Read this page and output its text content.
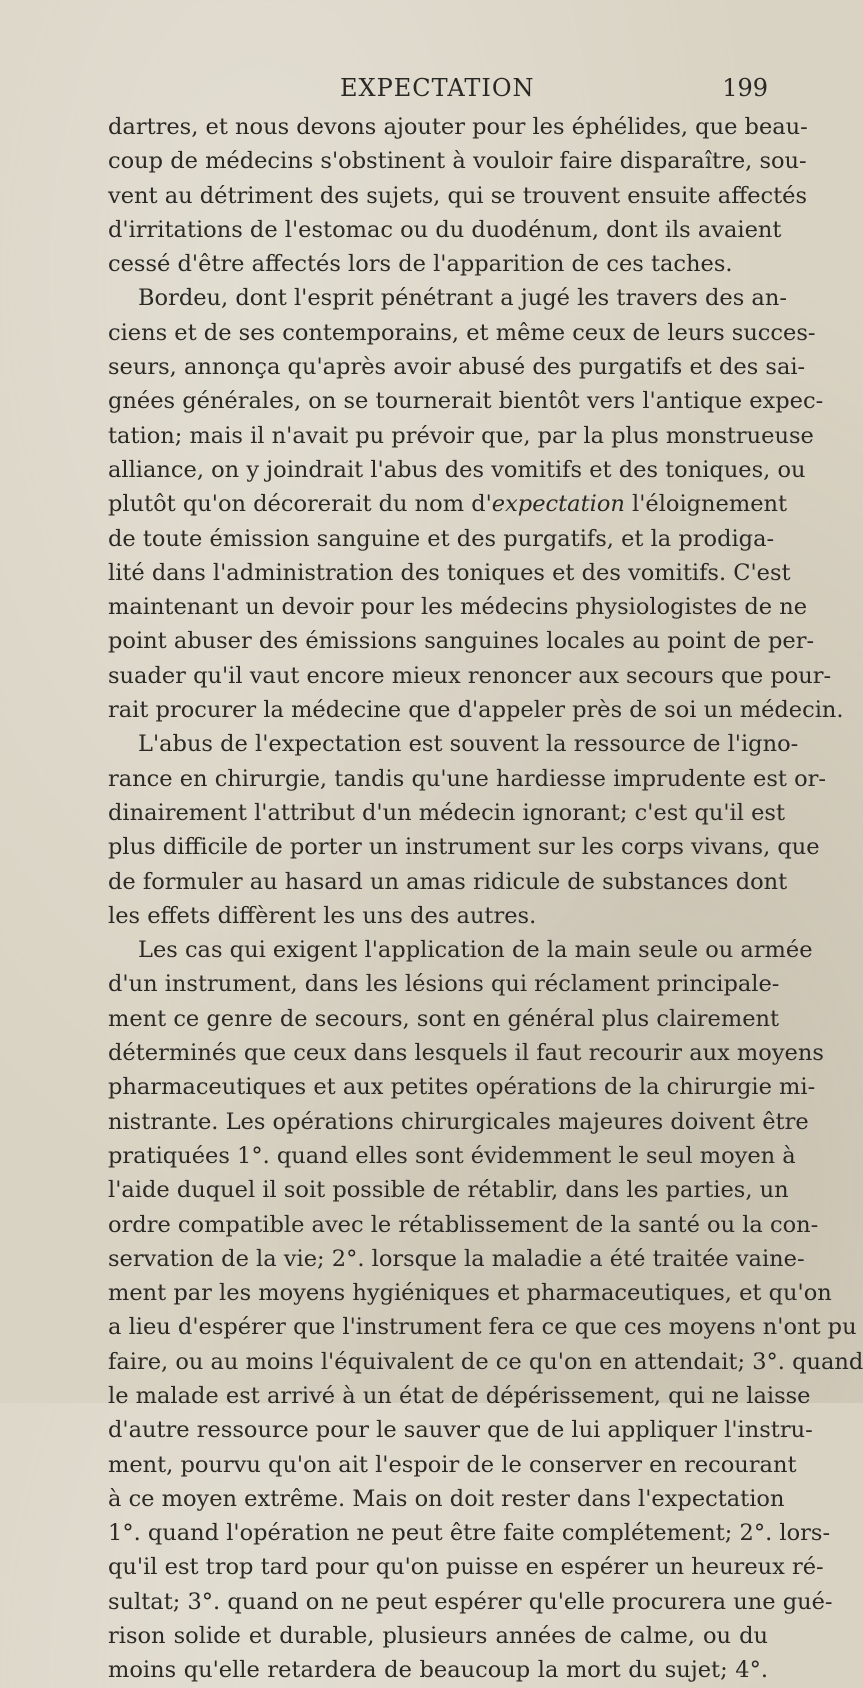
EXPECTATION	199
dartres, et nous devons ajouter pour les éphélides, que beau-
coup de médecins s'obstinent à vouloir faire disparaître, sou-
vent au détriment des sujets, qui se trouvent ensuite affectés
d'irritations de l'estomac ou du duodénum, dont ils avaient
cessé d'être affectés lors de l'apparition de ces taches.
Bordeu, dont l'esprit pénétrant a jugé les travers des an-
ciens et de ses contemporains, et même ceux de leurs succes-
seurs, annonça qu'après avoir abusé des purgatifs et des sai-
gnées générales, on se tournerait bientôt vers l'antique expec-
tation; mais il n'avait pu prévoir que, par la plus monstrueuse
alliance, on y joindrait l'abus des vomitifs et des toniques, ou
plutôt qu'on décorerait du nom d'expectation l'éloignement
de toute émission sanguine et des purgatifs, et la prodiga-
lité dans l'administration des toniques et des vomitifs. C'est
maintenant un devoir pour les médecins physiologistes de ne
point abuser des émissions sanguines locales au point de per-
suader qu'il vaut encore mieux renoncer aux secours que pour-
rait procurer la médecine que d'appeler près de soi un médecin.
L'abus de l'expectation est souvent la ressource de l'igno-
rance en chirurgie, tandis qu'une hardiesse imprudente est or-
dinairement l'attribut d'un médecin ignorant; c'est qu'il est
plus difficile de porter un instrument sur les corps vivans, que
de formuler au hasard un amas ridicule de substances dont
les effets diffèrent les uns des autres.
Les cas qui exigent l'application de la main seule ou armée
d'un instrument, dans les lésions qui réclament principale-
ment ce genre de secours, sont en général plus clairement
déterminés que ceux dans lesquels il faut recourir aux moyens
pharmaceutiques et aux petites opérations de la chirurgie mi-
nistrante. Les opérations chirurgicales majeures doivent être
pratiquées 1°. quand elles sont évidemment le seul moyen à
l'aide duquel il soit possible de rétablir, dans les parties, un
ordre compatible avec le rétablissement de la santé ou la con-
servation de la vie; 2°. lorsque la maladie a été traitée vaine-
ment par les moyens hygiéniques et pharmaceutiques, et qu'on
a lieu d'espérer que l'instrument fera ce que ces moyens n'ont pu
faire, ou au moins l'équivalent de ce qu'on en attendait; 3°. quand
le malade est arrivé à un état de dépérissement, qui ne laisse
d'autre ressource pour le sauver que de lui appliquer l'instru-
ment, pourvu qu'on ait l'espoir de le conserver en recourant
à ce moyen extrême. Mais on doit rester dans l'expectation
1°. quand l'opération ne peut être faite complétement; 2°. lors-
qu'il est trop tard pour qu'on puisse en espérer un heureux ré-
sultat; 3°. quand on ne peut espérer qu'elle procurera une gué-
rison solide et durable, plusieurs années de calme, ou du
moins qu'elle retardera de beaucoup la mort du sujet; 4°.
